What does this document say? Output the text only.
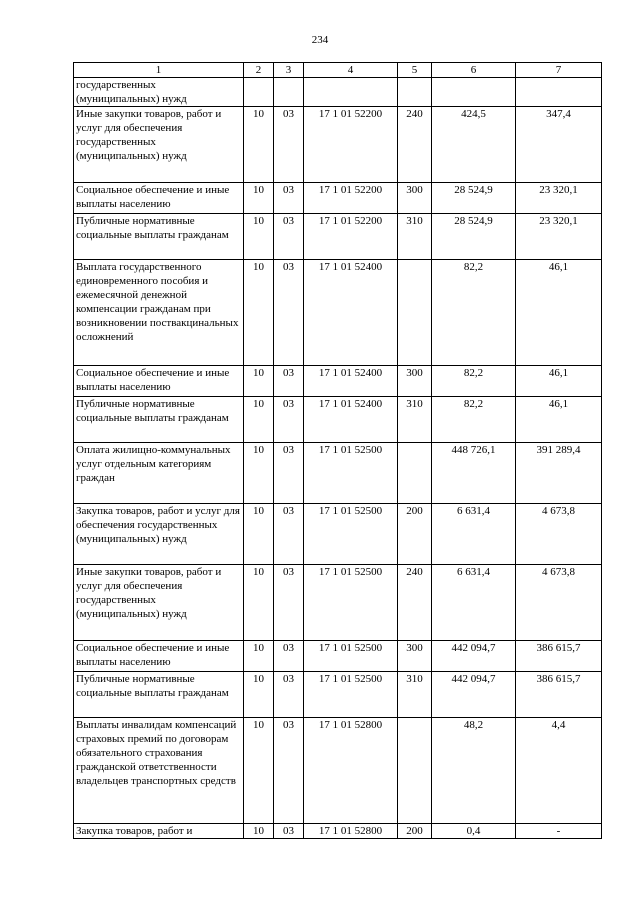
234
1	2	3	4	5	6	7
государственных (муниципальных) нужд						
Иные закупки товаров, работ и услуг для обеспечения государственных (муниципальных) нужд	10	03	17 1 01 52200	240	424,5	347,4
Социальное обеспечение и иные выплаты населению	10	03	17 1 01 52200	300	28 524,9	23 320,1
Публичные нормативные социальные выплаты гражданам	10	03	17 1 01 52200	310	28 524,9	23 320,1
Выплата государственного единовременного пособия и ежемесячной денежной компенсации гражданам при возникновении поствакцинальных осложнений	10	03	17 1 01 52400		82,2	46,1
Социальное обеспечение и иные выплаты населению	10	03	17 1 01 52400	300	82,2	46,1
Публичные нормативные социальные выплаты гражданам	10	03	17 1 01 52400	310	82,2	46,1
Оплата жилищно-коммунальных услуг отдельным категориям граждан	10	03	17 1 01 52500		448 726,1	391 289,4
Закупка товаров, работ и услуг для обеспечения государственных (муниципальных) нужд	10	03	17 1 01 52500	200	6 631,4	4 673,8
Иные закупки товаров, работ и услуг для обеспечения государственных (муниципальных) нужд	10	03	17 1 01 52500	240	6 631,4	4 673,8
Социальное обеспечение и иные выплаты населению	10	03	17 1 01 52500	300	442 094,7	386 615,7
Публичные нормативные социальные выплаты гражданам	10	03	17 1 01 52500	310	442 094,7	386 615,7
Выплаты инвалидам компенсаций страховых премий по договорам обязательного страхования гражданской ответственности владельцев транспортных средств	10	03	17 1 01 52800		48,2	4,4
Закупка товаров, работ и	10	03	17 1 01 52800	200	0,4	-
